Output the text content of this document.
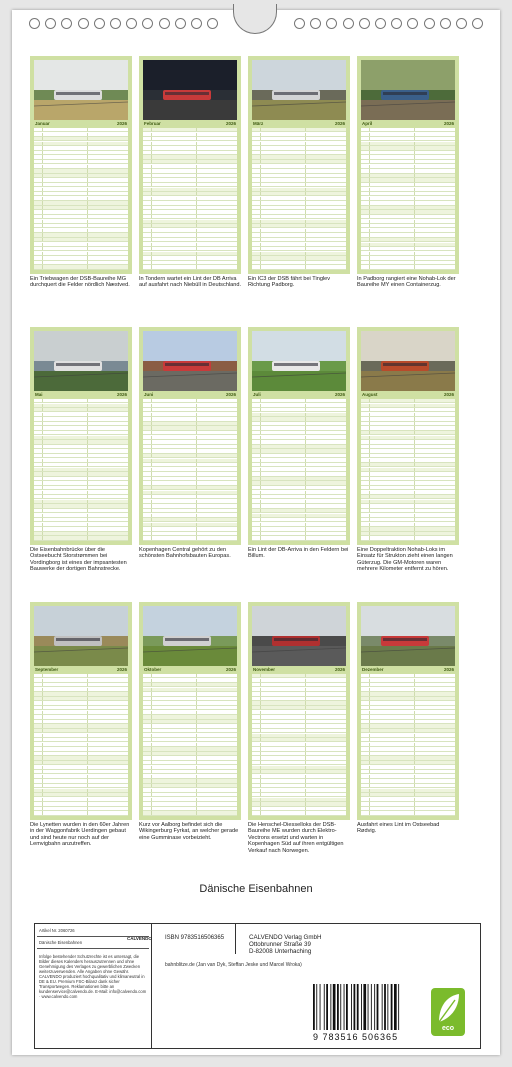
Januar	2026
Ein Triebwagen der DSB-Baureihe MG durchquert die Felder nördlich Næstved.
Februar	2026
In Tondern wartet ein Lint der DB Arriva auf ausfahrt nach Niebüll in Deutschland.
März	2026
Ein IC3 der DSB fährt bei Tinglev Richtung Padborg.
April	2026
In Padborg rangiert eine Nohab-Lok der Baureihe MY einen Containerzug.
Mai	2026
Die Eisenbahnbrücke über die Ostseebucht Storstrømmen bei Vordingborg ist eines der impsantesten Bauwerke der dortigen Bahnstrecke.
Juni	2026
Kopenhagen Central gehört zu den schönsten Bahnhofsbauten Europas.
Juli	2026
Ein Lint der DB-Arriva in den Feldern bei Billum.
August	2026
Eine Doppeltraktion Nohab-Loks im Einsatz für Strukton zieht einen langen Güterzug. Die GM-Motoren waren mehrere Kilometer entfernt zu hören.
September	2026
Die Lynetten wurden in den 60er Jahren in der Waggonfabrik Uerdingen gebaut und sind heute nur noch auf der Lemvigbahn anzutreffen.
Oktober	2026
Kurz vor Aalborg befindet sich die Wikingerburg Fyrkat, an welcher gerade eine Gumminase vorbeizieht.
November	2026
Die Henschel-Diesselloks der DSB-Baureihe ME wurden durch Elektro-Vectrons ersetzt und warten in Kopenhagen Süd auf ihren entgültigen Verkauf nach Norwegen.
Dezember	2026
Ausfahrt eines Lint im Ostseebad Rødvig.
Dänische Eisenbahnen
Artikel Nr. 2060726
CALVENDO
Dänische Eisenbahnen
Infolge bestehender Schutzrechte ist es untersagt, die Bilder dieses Kalenders herauszutrennen und ohne Genehmigung des Verlages zu gewerblichen Zwecken weiterzuverwenden. Alle Angaben ohne Gewähr. CALVENDO produziert hochqualitativ und klimaneutral in DE & EU. Premium FSC-Bilanz dank sicher Transportwegen. Reklamationen bitte an kundenservice@calvendo.de. E-Mail: info@calvendo.com · www.calvendo.com
ISBN 9783516506365	CALVENDO Verlag GmbH
Ottobrunner Straße 39
D-82008 Unterhaching
bahnblitze.de (Jan van Dyk, Steffan Jeske und Marcel Wroka)
9 783516 506365
eco
